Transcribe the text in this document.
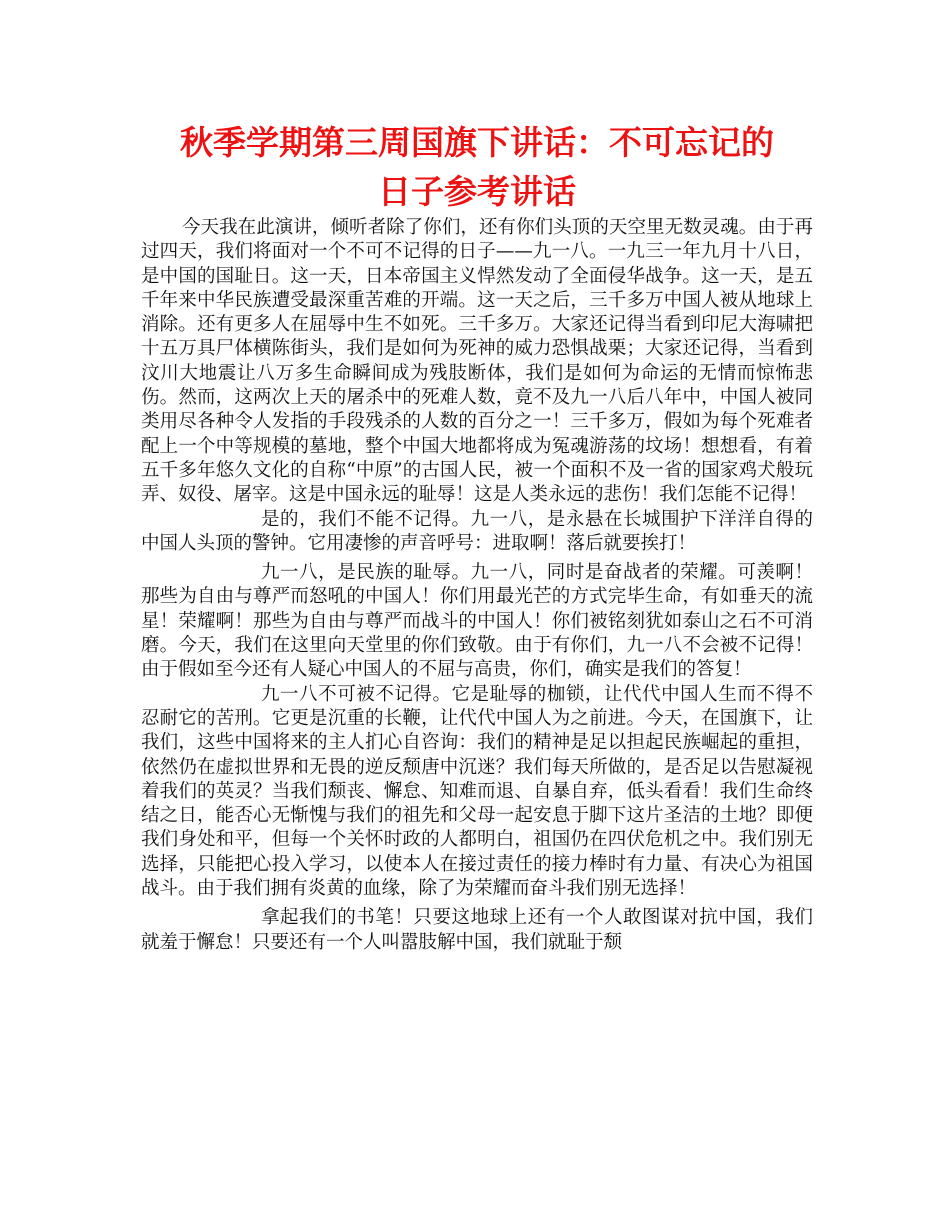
秋季学期第三周国旗下讲话：不可忘记的
日子参考讲话

今天我在此演讲，倾听者除了你们，还有你们头顶的天空里无数灵魂。由于再过四天，我们将面对一个不可不记得的日子——九一八。一九三一年九月十八日，是中国的国耻日。这一天，日本帝国主义悍然发动了全面侵华战争。这一天，是五千年来中华民族遭受最深重苦难的开端。这一天之后，三千多万中国人被从地球上消除。还有更多人在屈辱中生不如死。三千多万。大家还记得当看到印尼大海啸把十五万具尸体横陈街头，我们是如何为死神的威力恐惧战栗；大家还记得，当看到汶川大地震让八万多生命瞬间成为残肢断体，我们是如何为命运的无情而惊怖悲伤。然而，这两次上天的屠杀中的死难人数，竟不及九一八后八年中，中国人被同类用尽各种令人发指的手段残杀的人数的百分之一！三千多万，假如为每个死难者配上一个中等规模的墓地，整个中国大地都将成为冤魂游荡的坟场！想想看，有着五千多年悠久文化的自称“中原”的古国人民，被一个面积不及一省的国家鸡犬般玩弄、奴役、屠宰。这是中国永远的耻辱！这是人类永远的悲伤！我们怎能不记得！

是的，我们不能不记得。九一八，是永悬在长城围护下洋洋自得的中国人头顶的警钟。它用凄惨的声音呼号：进取啊！落后就要挨打！

九一八，是民族的耻辱。九一八，同时是奋战者的荣耀。可羡啊！那些为自由与尊严而怒吼的中国人！你们用最光芒的方式完毕生命，有如垂天的流星！荣耀啊！那些为自由与尊严而战斗的中国人！你们被铭刻犹如泰山之石不可消磨。今天，我们在这里向天堂里的你们致敬。由于有你们，九一八不会被不记得！由于假如至今还有人疑心中国人的不屈与高贵，你们，确实是我们的答复！

九一八不可被不记得。它是耻辱的枷锁，让代代中国人生而不得不忍耐它的苦刑。它更是沉重的长鞭，让代代中国人为之前进。今天，在国旗下，让我们，这些中国将来的主人扪心自咨询：我们的精神是足以担起民族崛起的重担，依然仍在虚拟世界和无畏的逆反颓唐中沉迷？我们每天所做的，是否足以告慰凝视着我们的英灵？当我们颓丧、懈怠、知难而退、自暴自弃，低头看看！我们生命终结之日，能否心无惭愧与我们的祖先和父母一起安息于脚下这片圣洁的土地？即便我们身处和平，但每一个关怀时政的人都明白，祖国仍在四伏危机之中。我们别无选择，只能把心投入学习，以使本人在接过责任的接力棒时有力量、有决心为祖国战斗。由于我们拥有炎黄的血缘，除了为荣耀而奋斗我们别无选择！

拿起我们的书笔！只要这地球上还有一个人敢图谋对抗中国，我们就羞于懈怠！只要还有一个人叫嚣肢解中国，我们就耻于颓
